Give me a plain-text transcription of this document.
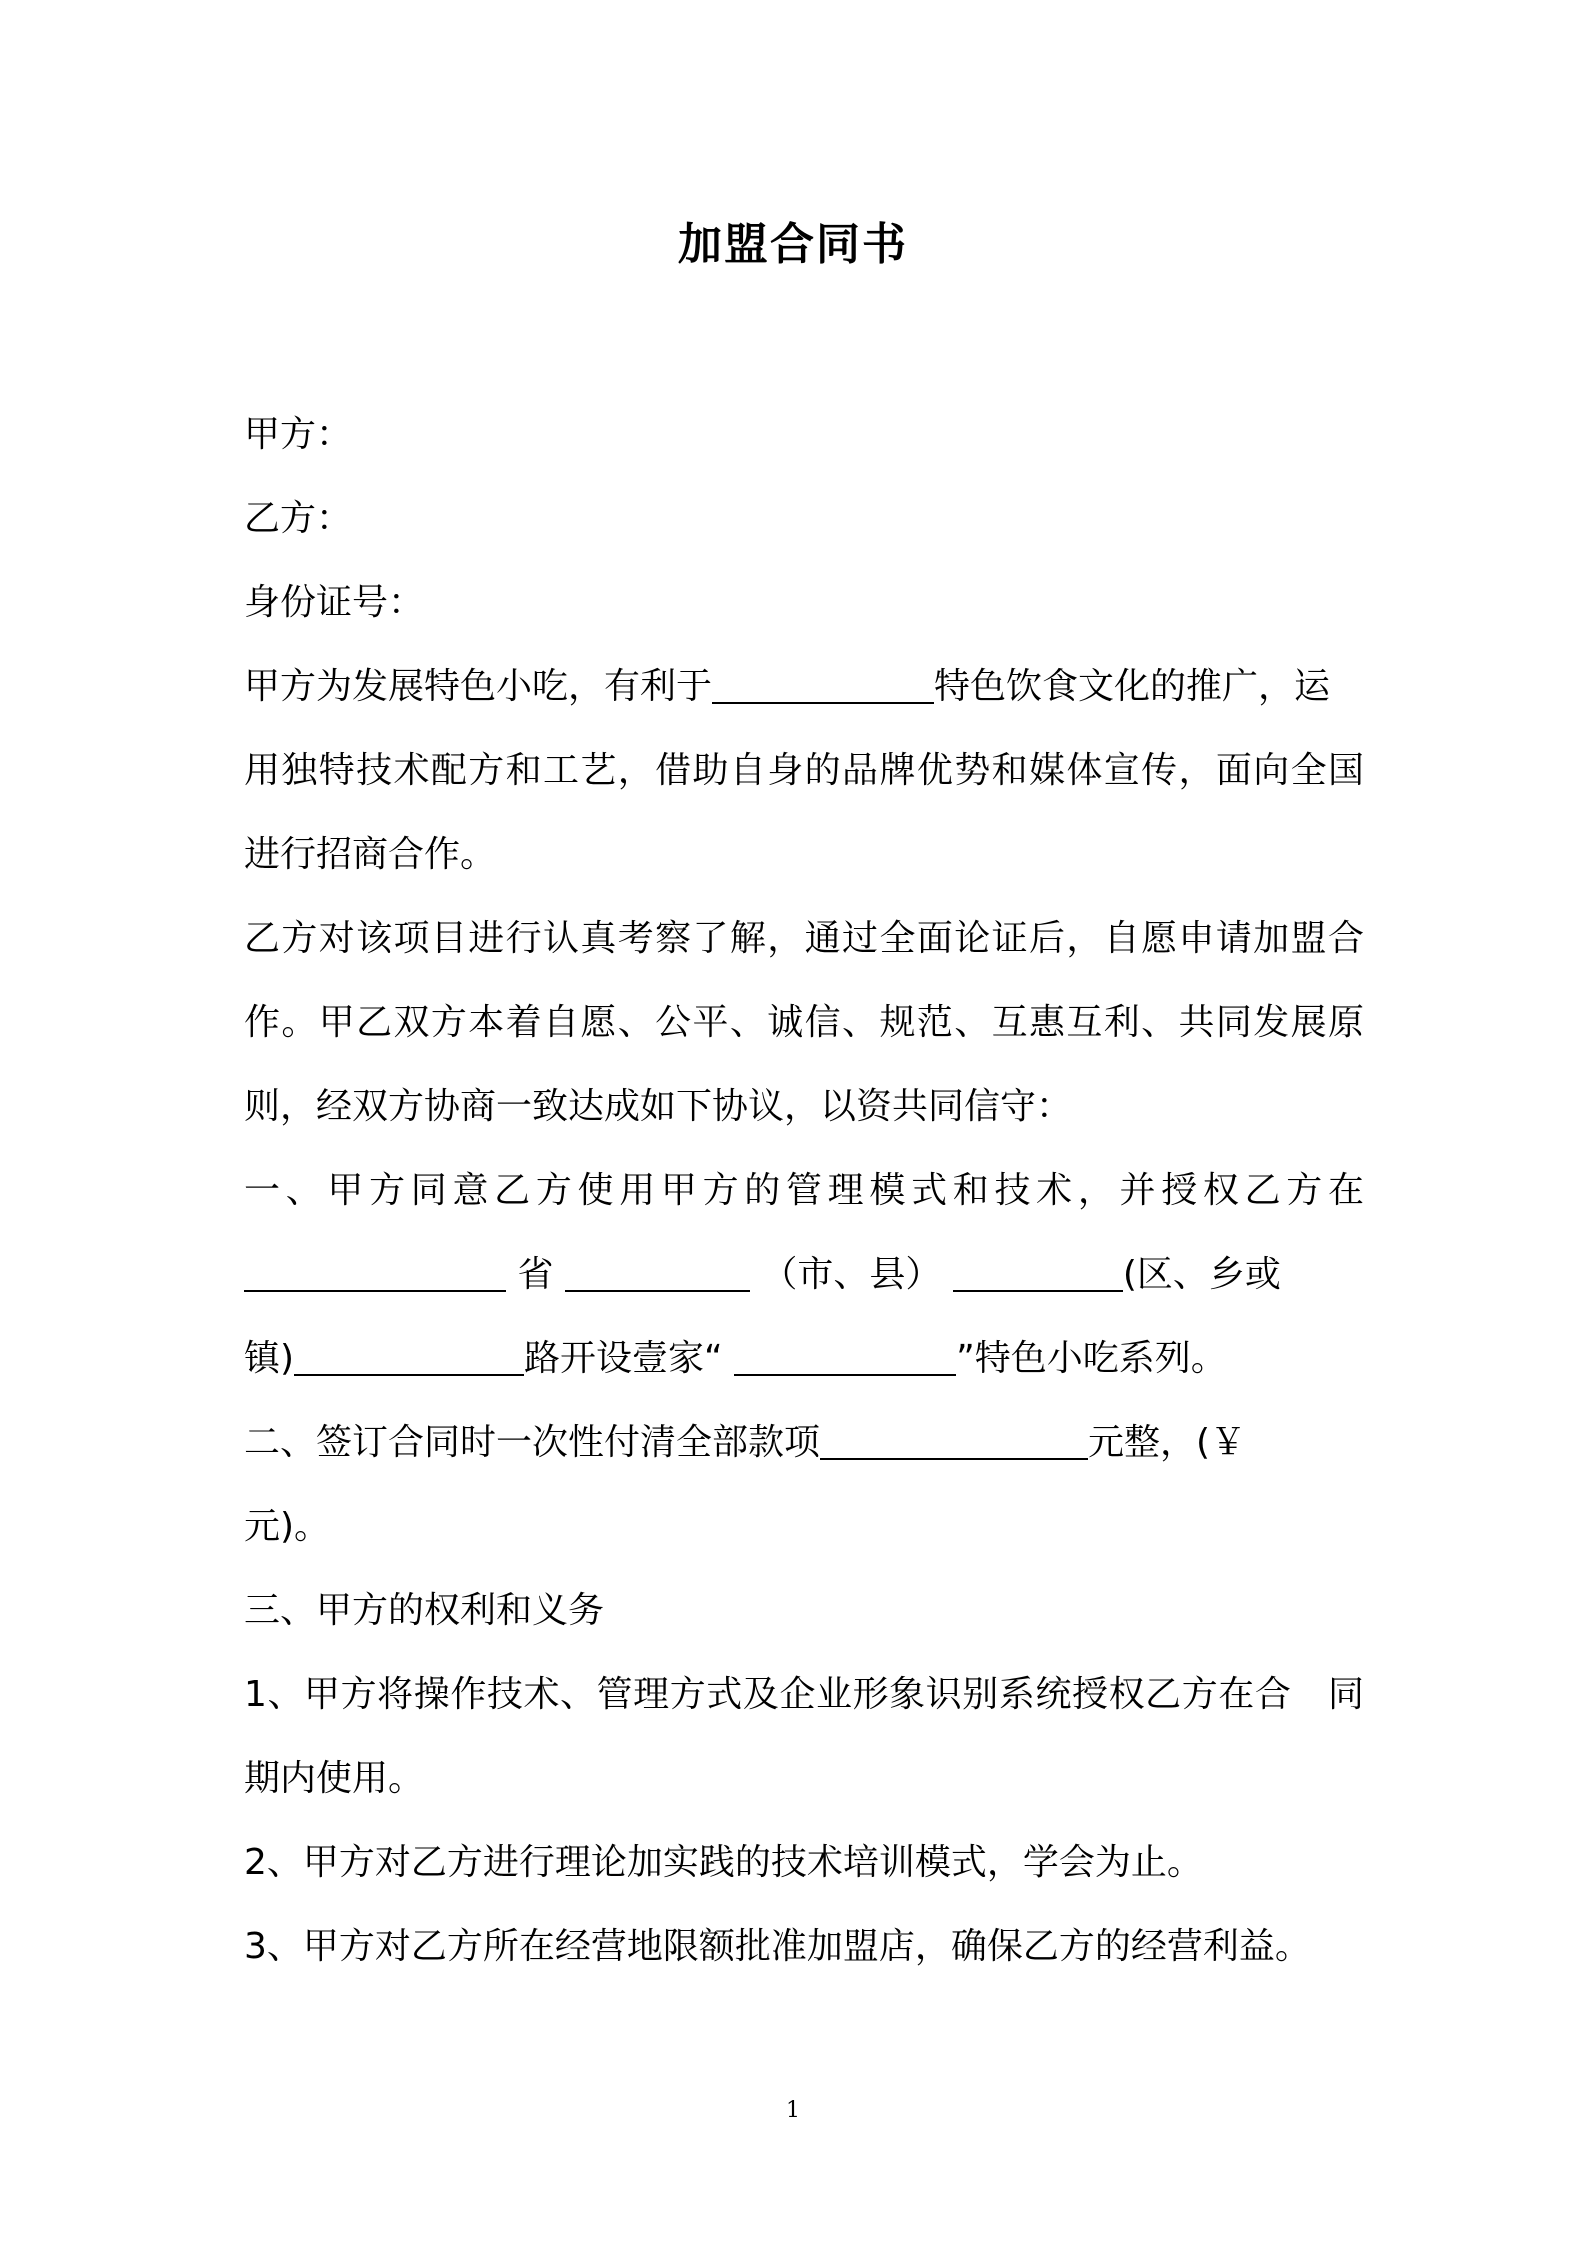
加盟合同书
甲方：
乙方：
身份证号：
甲方为发展特色小吃，有利于	特色饮食文化的推广，运
用独特技术配方和工艺，借助自身的品牌优势和媒体宣传，面向全国
进行招商合作。
乙方对该项目进行认真考察了解，通过全面论证后，自愿申请加盟合
作。甲乙双方本着自愿、公平、诚信、规范、互惠互利、共同发展原
则，经双方协商一致达成如下协议，以资共同信守：
一、甲方同意乙方使用甲方的管理模式和技术，并授权乙方在
省	（市、县）	(区、乡或
镇)	路开设壹家“	”特色小吃系列。
二、签订合同时一次性付清全部款项	元整，(￥
元)。
三、甲方的权利和义务
1、甲方将操作技术、管理方式及企业形象识别系统授权乙方在合　同
期内使用。
2、甲方对乙方进行理论加实践的技术培训模式，学会为止。
3、甲方对乙方所在经营地限额批准加盟店，确保乙方的经营利益。
1
